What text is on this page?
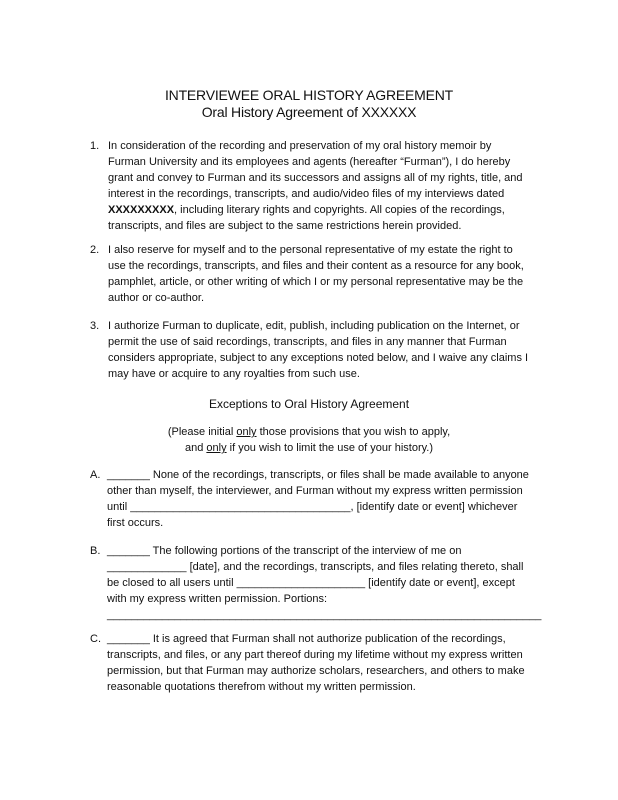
INTERVIEWEE ORAL HISTORY AGREEMENT
Oral History Agreement of XXXXXX
1. In consideration of the recording and preservation of my oral history memoir by Furman University and its employees and agents (hereafter “Furman”), I do hereby grant and convey to Furman and its successors and assigns all of my rights, title, and interest in the recordings, transcripts, and audio/video files of my interviews dated XXXXXXXXX, including literary rights and copyrights. All copies of the recordings, transcripts, and files are subject to the same restrictions herein provided.
2. I also reserve for myself and to the personal representative of my estate the right to use the recordings, transcripts, and files and their content as a resource for any book, pamphlet, article, or other writing of which I or my personal representative may be the author or co-author.
3. I authorize Furman to duplicate, edit, publish, including publication on the Internet, or permit the use of said recordings, transcripts, and files in any manner that Furman considers appropriate, subject to any exceptions noted below, and I waive any claims I may have or acquire to any royalties from such use.
Exceptions to Oral History Agreement
(Please initial only those provisions that you wish to apply,
and only if you wish to limit the use of your history.)
A. _______ None of the recordings, transcripts, or files shall be made available to anyone other than myself, the interviewer, and Furman without my express written permission until ____________________________________, [identify date or event] whichever first occurs.
B. _______ The following portions of the transcript of the interview of me on _____________ [date], and the recordings, transcripts, and files relating thereto, shall be closed to all users until _____________________ [identify date or event], except with my express written permission. Portions: _______________________________________________________________________
C. _______ It is agreed that Furman shall not authorize publication of the recordings, transcripts, and files, or any part thereof during my lifetime without my express written permission, but that Furman may authorize scholars, researchers, and others to make reasonable quotations therefrom without my written permission.
